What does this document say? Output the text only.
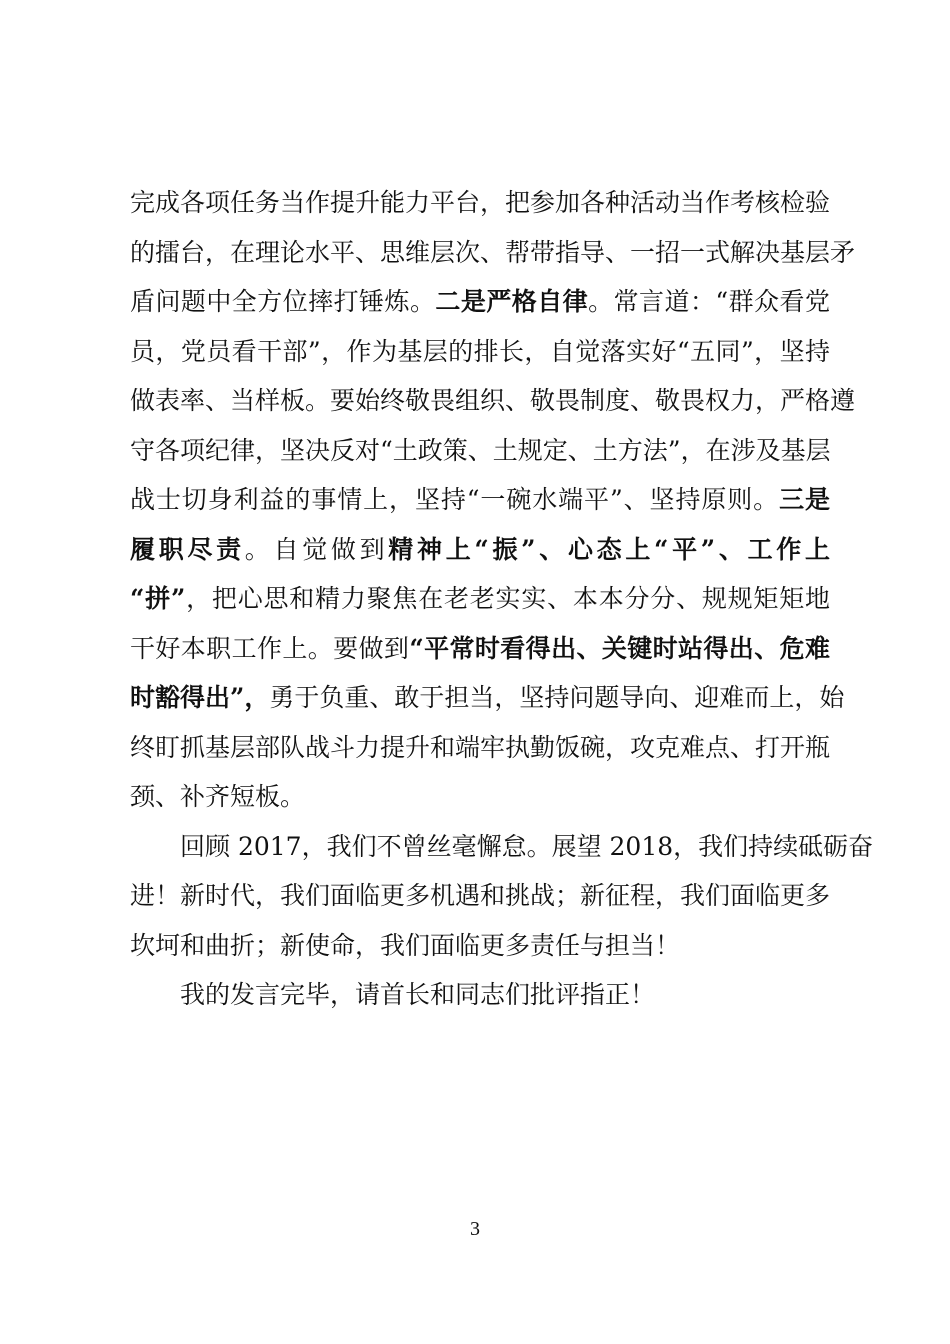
完成各项任务当作提升能力平台，把参加各种活动当作考核检验
的擂台，在理论水平、思维层次、帮带指导、一招一式解决基层矛
盾问题中全方位摔打锤炼。二是严格自律。常言道：“群众看党
员，党员看干部”，作为基层的排长，自觉落实好“五同”，坚持
做表率、当样板。要始终敬畏组织、敬畏制度、敬畏权力，严格遵
守各项纪律，坚决反对“土政策、土规定、土方法”，在涉及基层
战士切身利益的事情上，坚持“一碗水端平”、坚持原则。三是
履职尽责。自觉做到精神上“振”、心态上“平”、工作上
“拼”，把心思和精力聚焦在老老实实、本本分分、规规矩矩地
干好本职工作上。要做到“平常时看得出、关键时站得出、危难
时豁得出”，勇于负重、敢于担当，坚持问题导向、迎难而上，始
终盯抓基层部队战斗力提升和端牢执勤饭碗，攻克难点、打开瓶
颈、补齐短板。
回顾 2017，我们不曾丝毫懈怠。展望 2018，我们持续砥砺奋
进！新时代，我们面临更多机遇和挑战；新征程，我们面临更多
坎坷和曲折；新使命，我们面临更多责任与担当！
我的发言完毕，请首长和同志们批评指正！
3
